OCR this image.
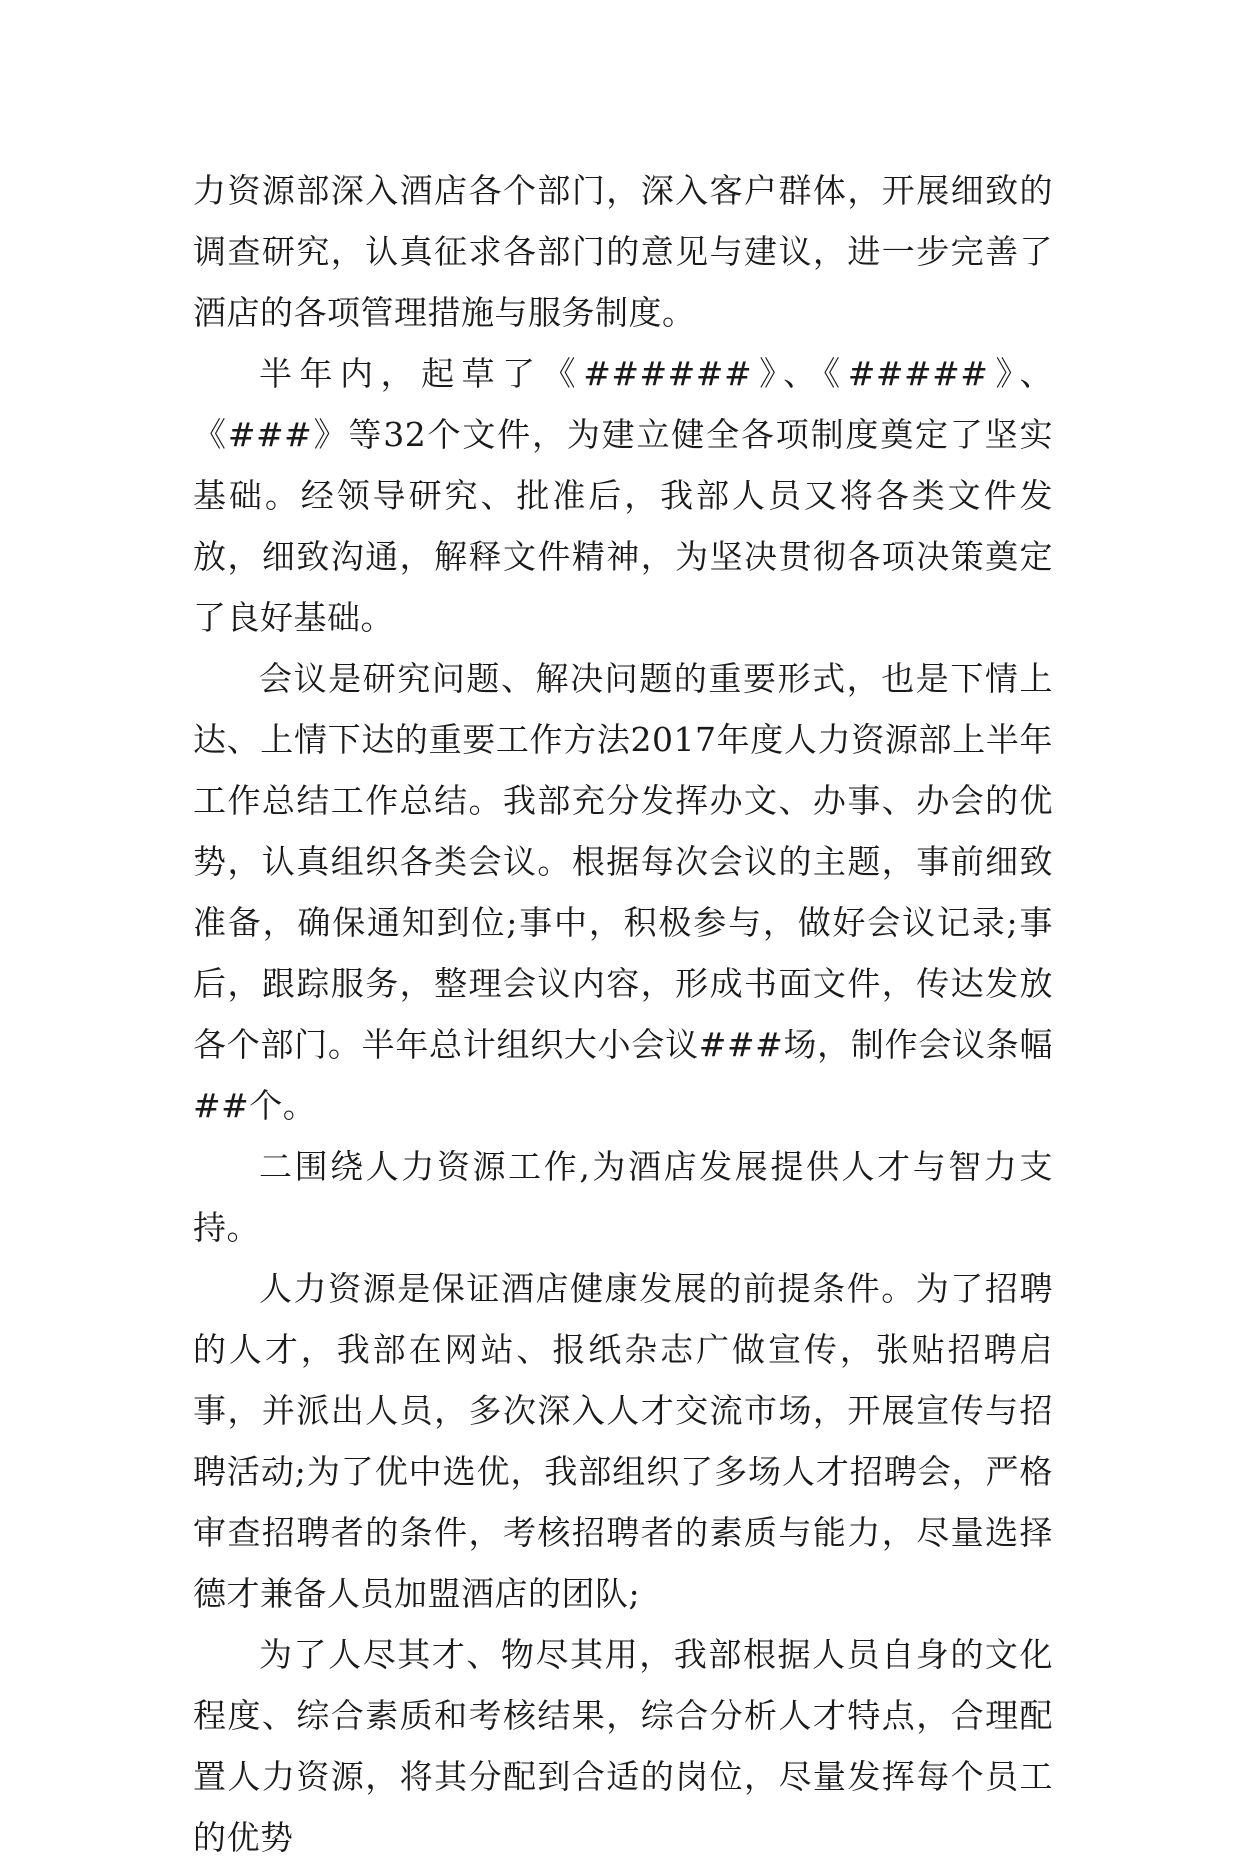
力资源部深入酒店各个部门，深入客户群体，开展细致的调查研究，认真征求各部门的意见与建议，进一步完善了酒店的各项管理措施与服务制度。

半年内，起草了《######》、《#####》、《###》等32个文件，为建立健全各项制度奠定了坚实基础。经领导研究、批准后，我部人员又将各类文件发放，细致沟通，解释文件精神，为坚决贯彻各项决策奠定了良好基础。

会议是研究问题、解决问题的重要形式，也是下情上达、上情下达的重要工作方法2017年度人力资源部上半年工作总结工作总结。我部充分发挥办文、办事、办会的优势，认真组织各类会议。根据每次会议的主题，事前细致准备，确保通知到位;事中，积极参与，做好会议记录;事后，跟踪服务，整理会议内容，形成书面文件，传达发放各个部门。半年总计组织大小会议###场，制作会议条幅##个。

二围绕人力资源工作,为酒店发展提供人才与智力支持。

人力资源是保证酒店健康发展的前提条件。为了招聘的人才，我部在网站、报纸杂志广做宣传，张贴招聘启事，并派出人员，多次深入人才交流市场，开展宣传与招聘活动;为了优中选优，我部组织了多场人才招聘会，严格审查招聘者的条件，考核招聘者的素质与能力，尽量选择德才兼备人员加盟酒店的团队;

为了人尽其才、物尽其用，我部根据人员自身的文化程度、综合素质和考核结果，综合分析人才特点，合理配置人力资源，将其分配到合适的岗位，尽量发挥每个员工的优势
